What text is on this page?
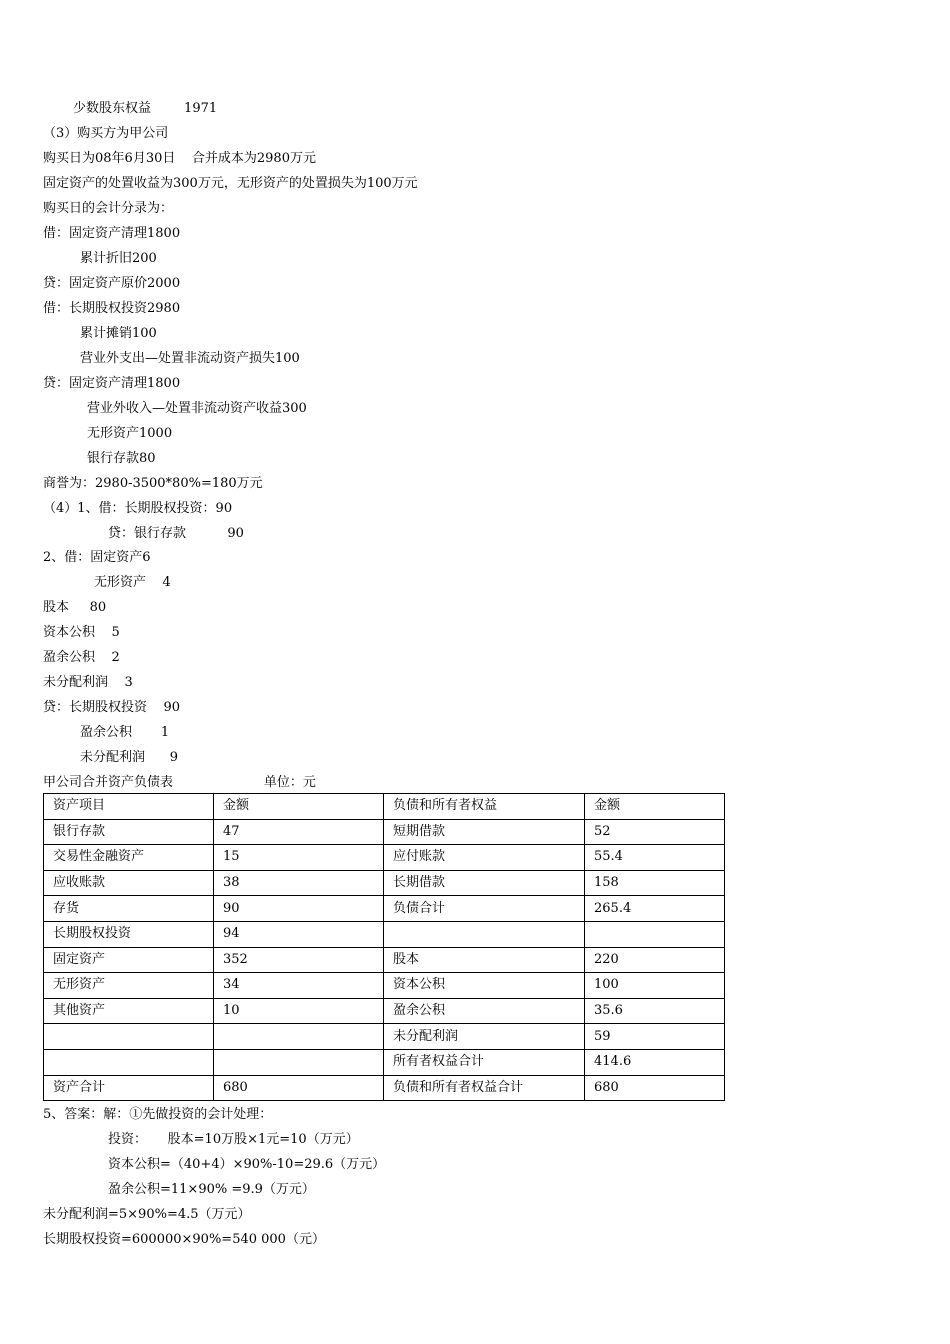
少数股东权益        1971
（3）购买方为甲公司
购买日为08年6月30日    合并成本为2980万元
固定资产的处置收益为300万元，无形资产的处置损失为100万元
购买日的会计分录为：
借：固定资产清理1800
累计折旧200
贷：固定资产原价2000
借：长期股权投资2980
累计摊销100
营业外支出—处置非流动资产损失100
贷：固定资产清理1800
营业外收入—处置非流动资产收益300
无形资产1000
银行存款80
商誉为：2980-3500*80%=180万元
（4）1、借：长期股权投资：90
贷：银行存款          90
2、借：固定资产6
无形资产    4
股本     80
资本公积    5
盈余公积    2
未分配利润    3
贷：长期股权投资    90
盈余公积       1
未分配利润      9
甲公司合并资产负债表                      单位：元
资产项目	金额	负债和所有者权益	金额
银行存款	47	短期借款	52
交易性金融资产	15	应付账款	55.4
应收账款	38	长期借款	158
存货	90	负债合计	265.4
长期股权投资	94		
固定资产	352	股本	220
无形资产	34	资本公积	100
其他资产	10	盈余公积	35.6
		未分配利润	59
		所有者权益合计	414.6
资产合计	680	负债和所有者权益合计	680
5、答案：解：①先做投资的会计处理：
投资：     股本=10万股×1元=10（万元）
资本公积=（40+4）×90%-10=29.6（万元）
盈余公积=11×90% =9.9（万元）
未分配利润=5×90%=4.5（万元）
长期股权投资=600000×90%=540 000（元）
